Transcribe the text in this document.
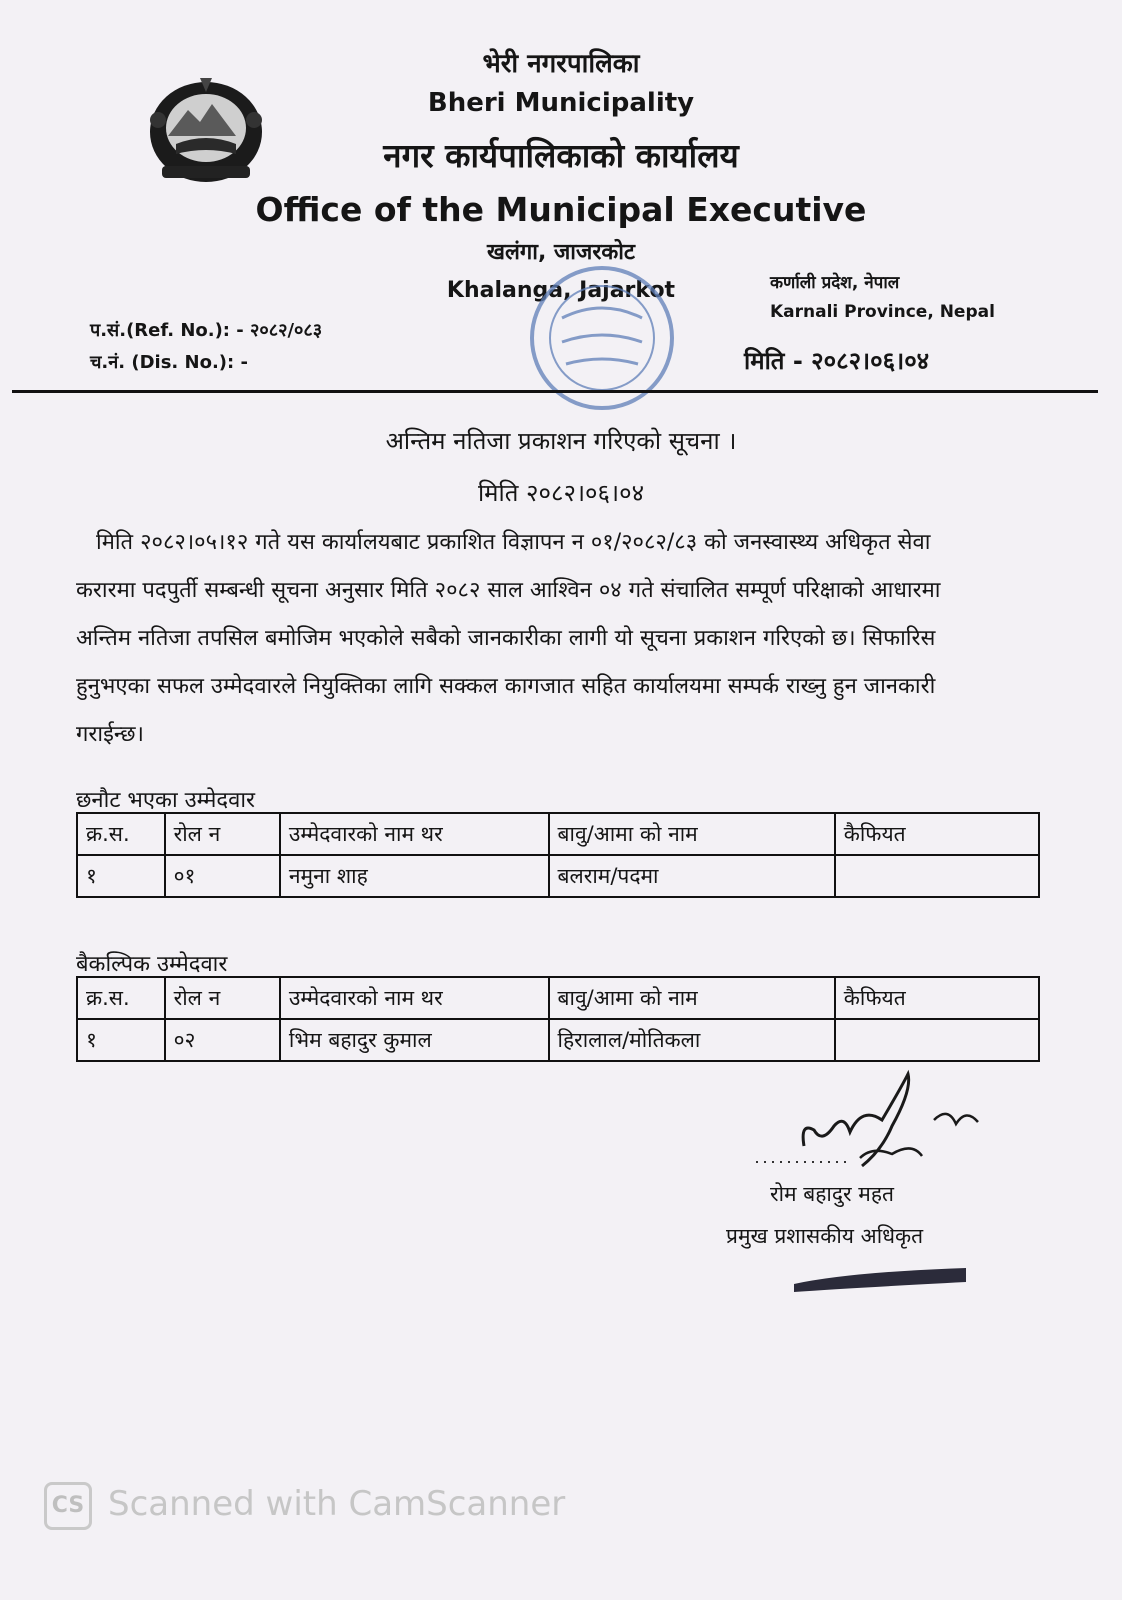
भेरी नगरपालिका
Bheri Municipality
नगर कार्यपालिकाको कार्यालय
Office of the Municipal Executive
खलंगा, जाजरकोट
Khalanga, Jajarkot	कर्णाली प्रदेश, नेपाल
Karnali Province, Nepal
प.सं.(Ref. No.): - २०८२/०८३
च.नं. (Dis. No.): -	मिति - २०८२।०६।०४
अन्तिम नतिजा प्रकाशन गरिएको सूचना ।
मिति २०८२।०६।०४
मिति २०८२।०५।१२ गते यस कार्यालयबाट प्रकाशित विज्ञापन न ०१/२०८२/८३ को जनस्वास्थ्य अधिकृत सेवा
करारमा पदपुर्ती सम्बन्धी सूचना अनुसार मिति २०८२ साल आश्विन ०४ गते संचालित सम्पूर्ण परिक्षाको आधारमा
अन्तिम नतिजा तपसिल बमोजिम भएकोले सबैको जानकारीका लागी यो सूचना प्रकाशन गरिएको छ। सिफारिस
हुनुभएका सफल उम्मेदवारले नियुक्तिका लागि सक्कल कागजात सहित कार्यालयमा सम्पर्क राख्नु हुन जानकारी
गराईन्छ।
छनौट भएका उम्मेदवार
क्र.स.	रोल न	उम्मेदवारको नाम थर	बावु/आमा को नाम	कैफियत
१	०१	नमुना शाह	बलराम/पदमा	
बैकल्पिक उम्मेदवार
क्र.स.	रोल न	उम्मेदवारको नाम थर	बावु/आमा को नाम	कैफियत
१	०२	भिम बहादुर कुमाल	हिरालाल/मोतिकला	
रोम बहादुर महत
प्रमुख प्रशासकीय अधिकृत
CS Scanned with CamScanner
